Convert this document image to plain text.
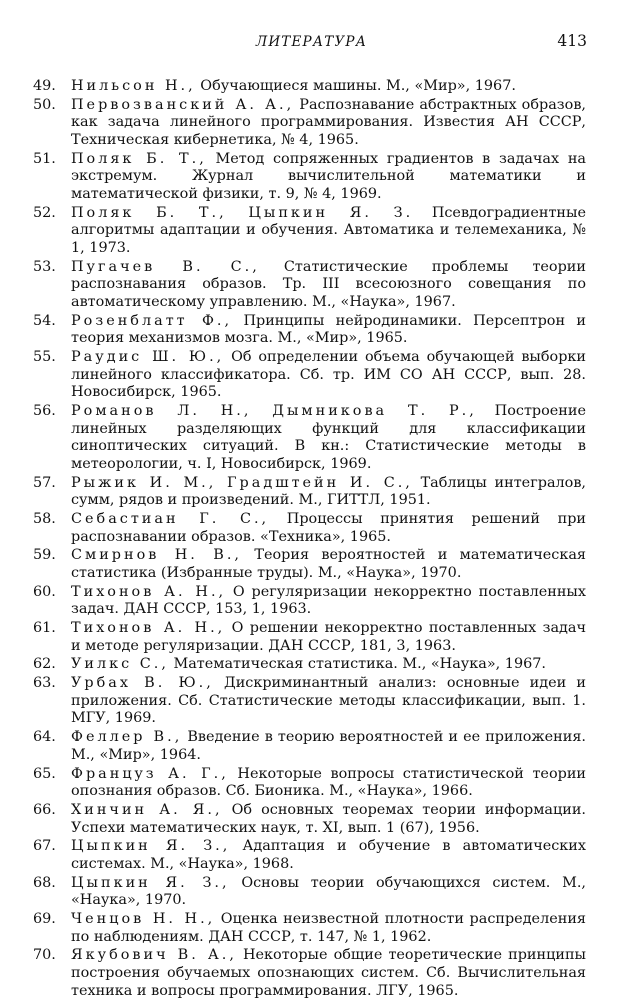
ЛИТЕРАТУРА	413
49.	Нильсон Н., Обучающиеся машины. М., «Мир», 1967.
50.	Первозванский А. А., Распознавание абстрактных образов, как задача линейного программирования. Известия АН СССР, Техническая кибернетика, № 4, 1965.
51.	Поляк Б. Т., Метод сопряженных градиентов в задачах на экстремум. Журнал вычислительной математики и математической физики, т. 9, № 4, 1969.
52.	Поляк Б. Т., Цыпкин Я. З. Псевдоградиентные алгоритмы адаптации и обучения. Автоматика и телемеханика, № 1, 1973.
53.	Пугачев В. С., Статистические проблемы теории распознавания образов. Тр. III всесоюзного совещания по автоматическому управлению. М., «Наука», 1967.
54.	Розенблатт Ф., Принципы нейродинамики. Персептрон и теория механизмов мозга. М., «Мир», 1965.
55.	Раудис Ш. Ю., Об определении объема обучающей выборки линейного классификатора. Сб. тр. ИМ СО АН СССР, вып. 28. Новосибирск, 1965.
56.	Романов Л. Н., Дымникова Т. Р., Построение линейных разделяющих функций для классификации синоптических ситуаций. В кн.: Статистические методы в метеорологии, ч. I, Новосибирск, 1969.
57.	Рыжик И. М., Градштейн И. С., Таблицы интегралов, сумм, рядов и произведений. М., ГИТТЛ, 1951.
58.	Себастиан Г. С., Процессы принятия решений при распознавании образов. «Техника», 1965.
59.	Смирнов Н. В., Теория вероятностей и математическая статистика (Избранные труды). М., «Наука», 1970.
60.	Тихонов А. Н., О регуляризации некорректно поставленных задач. ДАН СССР, 153, 1, 1963.
61.	Тихонов А. Н., О решении некорректно поставленных задач и методе регуляризации. ДАН СССР, 181, 3, 1963.
62.	Уилкс С., Математическая статистика. М., «Наука», 1967.
63.	Урбах В. Ю., Дискриминантный анализ: основные идеи и приложения. Сб. Статистические методы классификации, вып. 1. МГУ, 1969.
64.	Феллер В., Введение в теорию вероятностей и ее приложения. М., «Мир», 1964.
65.	Францyз А. Г., Некоторые вопросы статистической теории опознания образов. Сб. Бионика. М., «Наука», 1966.
66.	Хинчин А. Я., Об основных теоремах теории информации. Успехи математических наук, т. XI, вып. 1 (67), 1956.
67.	Цыпкин Я. З., Адаптация и обучение в автоматических системах. М., «Наука», 1968.
68.	Цыпкин Я. З., Основы теории обучающихся систем. М., «Наука», 1970.
69.	Ченцов Н. Н., Оценка неизвестной плотности распределения по наблюдениям. ДАН СССР, т. 147, № 1, 1962.
70.	Якубович В. А., Некоторые общие теоретические принципы построения обучаемых опознающих систем. Сб. Вычислительная техника и вопросы программирования. ЛГУ, 1965.
